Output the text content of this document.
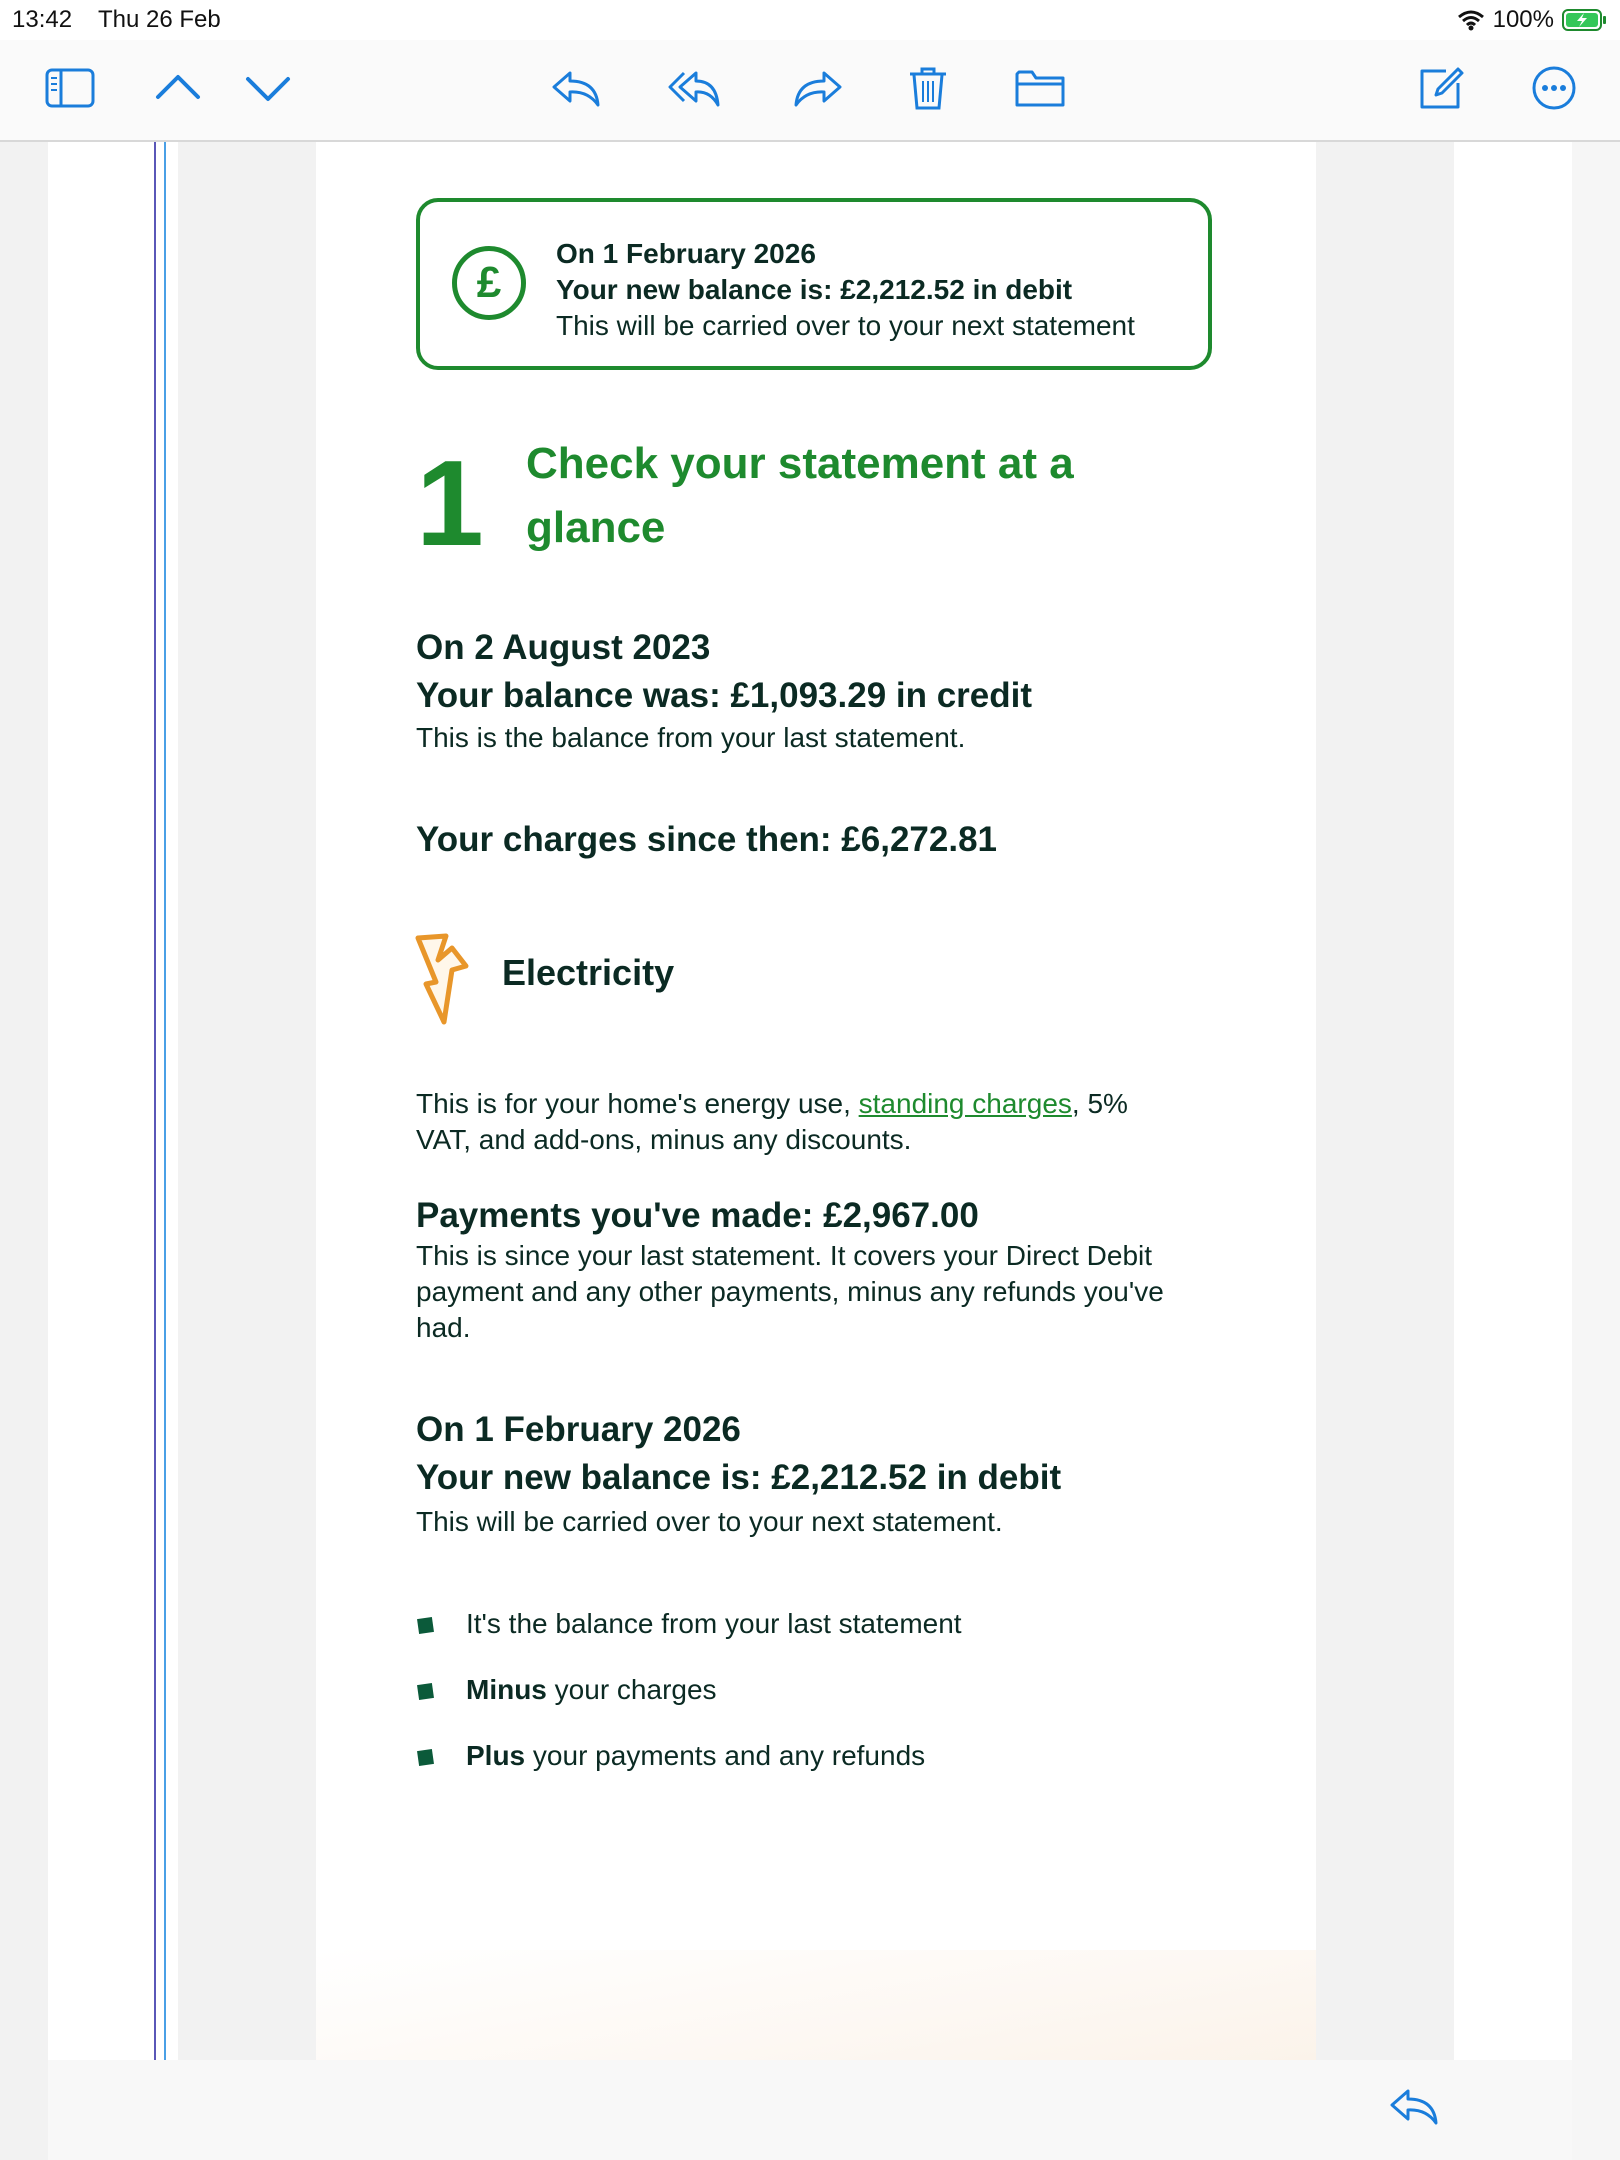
13:42 Thu 26 Feb	100%
£
On 1 February 2026
Your new balance is: £2,212.52 in debit
This will be carried over to your next statement
1 Check your statement at a glance
On 2 August 2023
Your balance was: £1,093.29 in credit
This is the balance from your last statement.
Your charges since then: £6,272.81
Electricity
This is for your home's energy use, standing charges, 5%
VAT, and add-ons, minus any discounts.
Payments you've made: £2,967.00
This is since your last statement. It covers your Direct Debit
payment and any other payments, minus any refunds you've
had.
On 1 February 2026
Your new balance is: £2,212.52 in debit
This will be carried over to your next statement.
It's the balance from your last statement
Minus your charges
Plus your payments and any refunds
